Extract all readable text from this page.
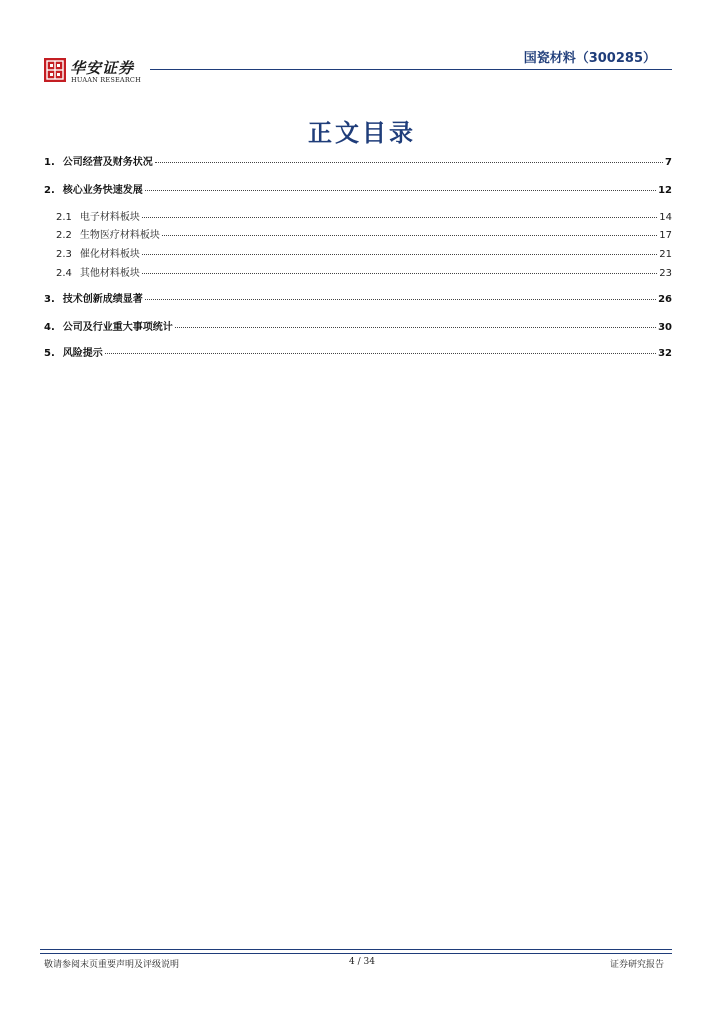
华安证券
HUAAN RESEARCH
国瓷材料（300285）
正文目录
1. 公司经营及财务状况	7
2. 核心业务快速发展	12
2.1 电子材料板块	14
2.2 生物医疗材料板块	17
2.3 催化材料板块	21
2.4 其他材料板块	23
3. 技术创新成绩显著	26
4. 公司及行业重大事项统计	30
5. 风险提示	32
敬请参阅末页重要声明及评级说明	4 / 34	证券研究报告
